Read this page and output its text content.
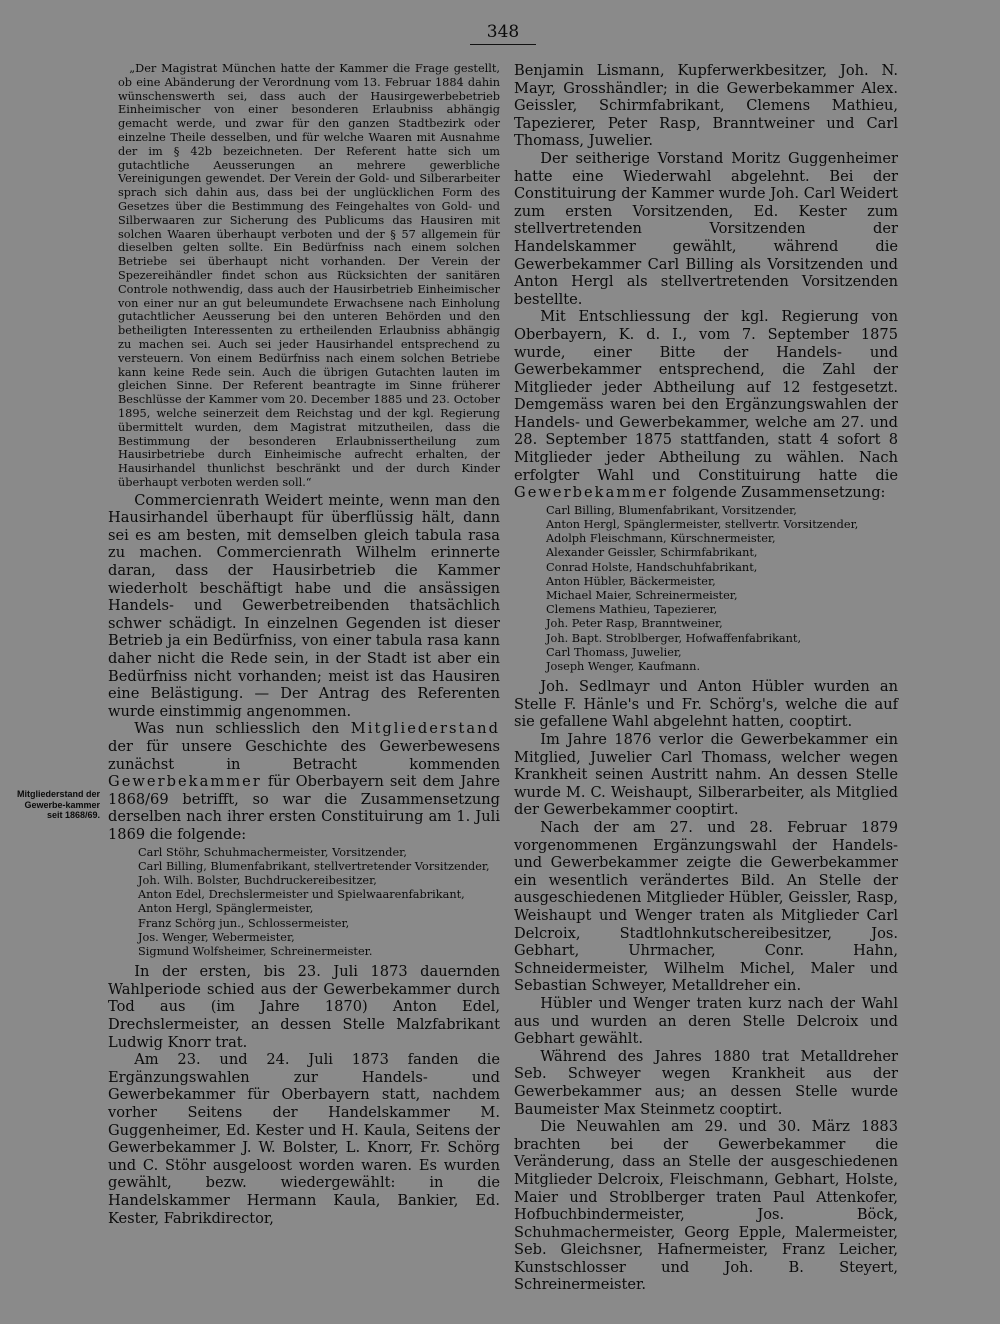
348
Mitgliederstand der Gewerbe-kammer seit 1868/69.

„Der Magistrat München hatte der Kammer die Frage gestellt, ob eine Abänderung der Verordnung vom 13. Februar 1884 dahin wünschenswerth sei, dass auch der Hausirgewerbebetrieb Einheimischer von einer besonderen Erlaubniss abhängig gemacht werde, und zwar für den ganzen Stadtbezirk oder einzelne Theile desselben, und für welche Waaren mit Ausnahme der im § 42b bezeichneten. Der Referent hatte sich um gutachtliche Aeusserungen an mehrere gewerbliche Vereinigungen gewendet. Der Verein der Gold- und Silberarbeiter sprach sich dahin aus, dass bei der unglücklichen Form des Gesetzes über die Bestimmung des Feingehaltes von Gold- und Silberwaaren zur Sicherung des Publicums das Hausiren mit solchen Waaren überhaupt verboten und der § 57 allgemein für dieselben gelten sollte. Ein Bedürfniss nach einem solchen Betriebe sei überhaupt nicht vorhanden. Der Verein der Spezereihändler findet schon aus Rücksichten der sanitären Controle nothwendig, dass auch der Hausirbetrieb Einheimischer von einer nur an gut beleumundete Erwachsene nach Einholung gutachtlicher Aeusserung bei den unteren Behörden und den betheiligten Interessenten zu ertheilenden Erlaubniss abhängig zu machen sei. Auch sei jeder Hausirhandel entsprechend zu versteuern. Von einem Bedürfniss nach einem solchen Betriebe kann keine Rede sein. Auch die übrigen Gutachten lauten im gleichen Sinne. Der Referent beantragte im Sinne früherer Beschlüsse der Kammer vom 20. December 1885 und 23. October 1895, welche seinerzeit dem Reichstag und der kgl. Regierung übermittelt wurden, dem Magistrat mitzutheilen, dass die Bestimmung der besonderen Erlaubnissertheilung zum Hausirbetriebe durch Einheimische aufrecht erhalten, der Hausirhandel thunlichst beschränkt und der durch Kinder überhaupt verboten werden soll.“

Commercienrath Weidert meinte, wenn man den Hausirhandel überhaupt für überflüssig hält, dann sei es am besten, mit demselben gleich tabula rasa zu machen. Commercienrath Wilhelm erinnerte daran, dass der Hausirbetrieb die Kammer wiederholt beschäftigt habe und die ansässigen Handels- und Gewerbetreibenden thatsächlich schwer schädigt. In einzelnen Gegenden ist dieser Betrieb ja ein Bedürfniss, von einer tabula rasa kann daher nicht die Rede sein, in der Stadt ist aber ein Bedürfniss nicht vorhanden; meist ist das Hausiren eine Belästigung. — Der Antrag des Referenten wurde einstimmig angenommen.

Was nun schliesslich den Mitgliederstand der für unsere Geschichte des Gewerbewesens zunächst in Betracht kommenden Gewerbekammer für Oberbayern seit dem Jahre 1868/69 betrifft, so war die Zusammensetzung derselben nach ihrer ersten Constituirung am 1. Juli 1869 die folgende:

Carl Stöhr, Schuhmachermeister, Vorsitzender,
Carl Billing, Blumenfabrikant, stellvertretender Vorsitzender,
Joh. Wilh. Bolster, Buchdruckereibesitzer,
Anton Edel, Drechslermeister und Spielwaarenfabrikant,
Anton Hergl, Spänglermeister,
Franz Schörg jun., Schlossermeister,
Jos. Wenger, Webermeister,
Sigmund Wolfsheimer, Schreinermeister.

In der ersten, bis 23. Juli 1873 dauernden Wahlperiode schied aus der Gewerbekammer durch Tod aus (im Jahre 1870) Anton Edel, Drechslermeister, an dessen Stelle Malzfabrikant Ludwig Knorr trat.

Am 23. und 24. Juli 1873 fanden die Ergänzungswahlen zur Handels- und Gewerbekammer für Oberbayern statt, nachdem vorher Seitens der Handelskammer M. Guggenheimer, Ed. Kester und H. Kaula, Seitens der Gewerbekammer J. W. Bolster, L. Knorr, Fr. Schörg und C. Stöhr ausgeloost worden waren. Es wurden gewählt, bezw. wiedergewählt: in die Handelskammer Hermann Kaula, Bankier, Ed. Kester, Fabrikdirector,

Benjamin Lismann, Kupferwerkbesitzer, Joh. N. Mayr, Grosshändler; in die Gewerbekammer Alex. Geissler, Schirmfabrikant, Clemens Mathieu, Tapezierer, Peter Rasp, Branntweiner und Carl Thomass, Juwelier.

Der seitherige Vorstand Moritz Guggenheimer hatte eine Wiederwahl abgelehnt. Bei der Constituirung der Kammer wurde Joh. Carl Weidert zum ersten Vorsitzenden, Ed. Kester zum stellvertretenden Vorsitzenden der Handelskammer gewählt, während die Gewerbekammer Carl Billing als Vorsitzenden und Anton Hergl als stellvertretenden Vorsitzenden bestellte.

Mit Entschliessung der kgl. Regierung von Oberbayern, K. d. I., vom 7. September 1875 wurde, einer Bitte der Handels- und Gewerbekammer entsprechend, die Zahl der Mitglieder jeder Abtheilung auf 12 festgesetzt. Demgemäss waren bei den Ergänzungswahlen der Handels- und Gewerbekammer, welche am 27. und 28. September 1875 stattfanden, statt 4 sofort 8 Mitglieder jeder Abtheilung zu wählen. Nach erfolgter Wahl und Constituirung hatte die Gewerbekammer folgende Zusammensetzung:

Carl Billing, Blumenfabrikant, Vorsitzender,
Anton Hergl, Spänglermeister, stellvertr. Vorsitzender,
Adolph Fleischmann, Kürschnermeister,
Alexander Geissler, Schirmfabrikant,
Conrad Holste, Handschuhfabrikant,
Anton Hübler, Bäckermeister,
Michael Maier, Schreinermeister,
Clemens Mathieu, Tapezierer,
Joh. Peter Rasp, Branntweiner,
Joh. Bapt. Stroblberger, Hofwaffenfabrikant,
Carl Thomass, Juwelier,
Joseph Wenger, Kaufmann.

Joh. Sedlmayr und Anton Hübler wurden an Stelle F. Hänle's und Fr. Schörg's, welche die auf sie gefallene Wahl abgelehnt hatten, cooptirt.

Im Jahre 1876 verlor die Gewerbekammer ein Mitglied, Juwelier Carl Thomass, welcher wegen Krankheit seinen Austritt nahm. An dessen Stelle wurde M. C. Weishaupt, Silberarbeiter, als Mitglied der Gewerbekammer cooptirt.

Nach der am 27. und 28. Februar 1879 vorgenommenen Ergänzungswahl der Handels- und Gewerbekammer zeigte die Gewerbekammer ein wesentlich verändertes Bild. An Stelle der ausgeschiedenen Mitglieder Hübler, Geissler, Rasp, Weishaupt und Wenger traten als Mitglieder Carl Delcroix, Stadtlohnkutschereibesitzer, Jos. Gebhart, Uhrmacher, Conr. Hahn, Schneidermeister, Wilhelm Michel, Maler und Sebastian Schweyer, Metalldreher ein.

Hübler und Wenger traten kurz nach der Wahl aus und wurden an deren Stelle Delcroix und Gebhart gewählt.

Während des Jahres 1880 trat Metalldreher Seb. Schweyer wegen Krankheit aus der Gewerbekammer aus; an dessen Stelle wurde Baumeister Max Steinmetz cooptirt.

Die Neuwahlen am 29. und 30. März 1883 brachten bei der Gewerbekammer die Veränderung, dass an Stelle der ausgeschiedenen Mitglieder Delcroix, Fleischmann, Gebhart, Holste, Maier und Stroblberger traten Paul Attenkofer, Hofbuchbindermeister, Jos. Böck, Schuhmachermeister, Georg Epple, Malermeister, Seb. Gleichsner, Hafnermeister, Franz Leicher, Kunstschlosser und Joh. B. Steyert, Schreinermeister.
